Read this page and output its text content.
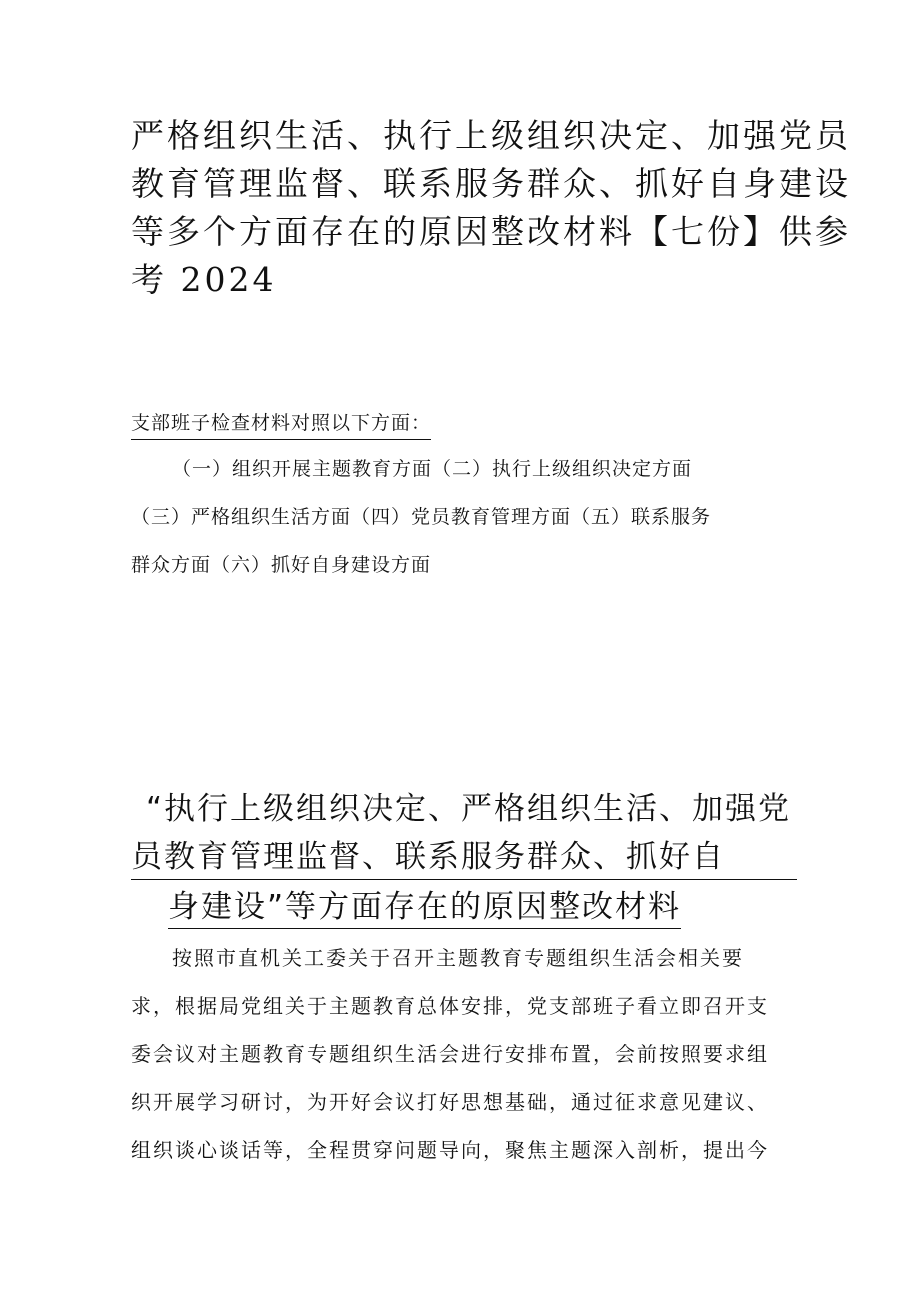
严格组织生活、执行上级组织决定、加强党员
教育管理监督、联系服务群众、抓好自身建设
等多个方面存在的原因整改材料【七份】供参
考 2024
支部班子检查材料对照以下方面：
（一）组织开展主题教育方面（二）执行上级组织决定方面
（三）严格组织生活方面（四）党员教育管理方面（五）联系服务
群众方面（六）抓好自身建设方面
“执行上级组织决定、严格组织生活、加强党
员教育管理监督、联系服务群众、抓好自
身建设”等方面存在的原因整改材料
按照市直机关工委关于召开主题教育专题组织生活会相关要
求，根据局党组关于主题教育总体安排，党支部班子看立即召开支
委会议对主题教育专题组织生活会进行安排布置，会前按照要求组
织开展学习研讨，为开好会议打好思想基础，通过征求意见建议、
组织谈心谈话等，全程贯穿问题导向，聚焦主题深入剖析，提出今
